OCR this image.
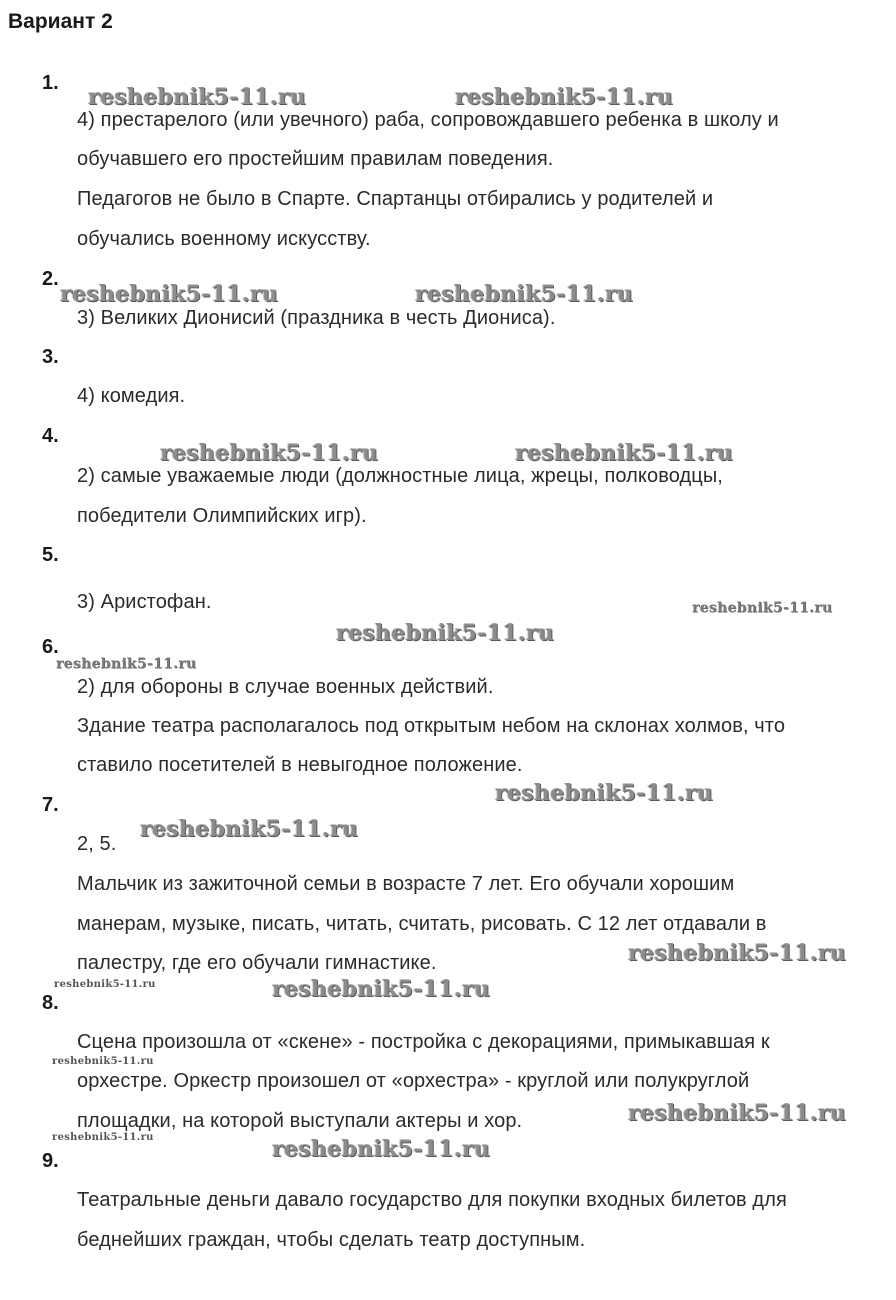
Вариант 2
1.
4) престарелого (или увечного) раба, сопровождавшего ребенка в школу и
обучавшего его простейшим правилам поведения.
Педагогов не было в Спарте. Спартанцы отбирались у родителей и
обучались военному искусству.
2.
3) Великих Дионисий (праздника в честь Диониса).
3.
4) комедия.
4.
2) самые уважаемые люди (должностные лица, жрецы, полководцы,
победители Олимпийских игр).
5.
3) Аристофан.
6.
2) для обороны в случае военных действий.
Здание театра располагалось под открытым небом на склонах холмов, что
ставило посетителей в невыгодное положение.
7.
2, 5.
Мальчик из зажиточной семьи в возрасте 7 лет. Его обучали хорошим
манерам, музыке, писать, читать, считать, рисовать. С 12 лет отдавали в
палестру, где его обучали гимнастике.
8.
Сцена произошла от «скене» - постройка с декорациями, примыкавшая к
орхестре. Оркестр произошел от «орхестра» - круглой или полукруглой
площадки, на которой выступали актеры и хор.
9.
Театральные деньги давало государство для покупки входных билетов для
беднейших граждан, чтобы сделать театр доступным.
reshebnik5-11.ru	reshebnik5-11.ru
reshebnik5-11.ru	reshebnik5-11.ru
reshebnik5-11.ru	reshebnik5-11.ru
reshebnik5-11.ru
reshebnik5-11.ru
reshebnik5-11.ru
reshebnik5-11.ru
reshebnik5-11.ru
reshebnik5-11.ru
reshebnik5-11.ru	reshebnik5-11.ru
reshebnik5-11.ru
reshebnik5-11.ru
reshebnik5-11.ru	reshebnik5-11.ru
